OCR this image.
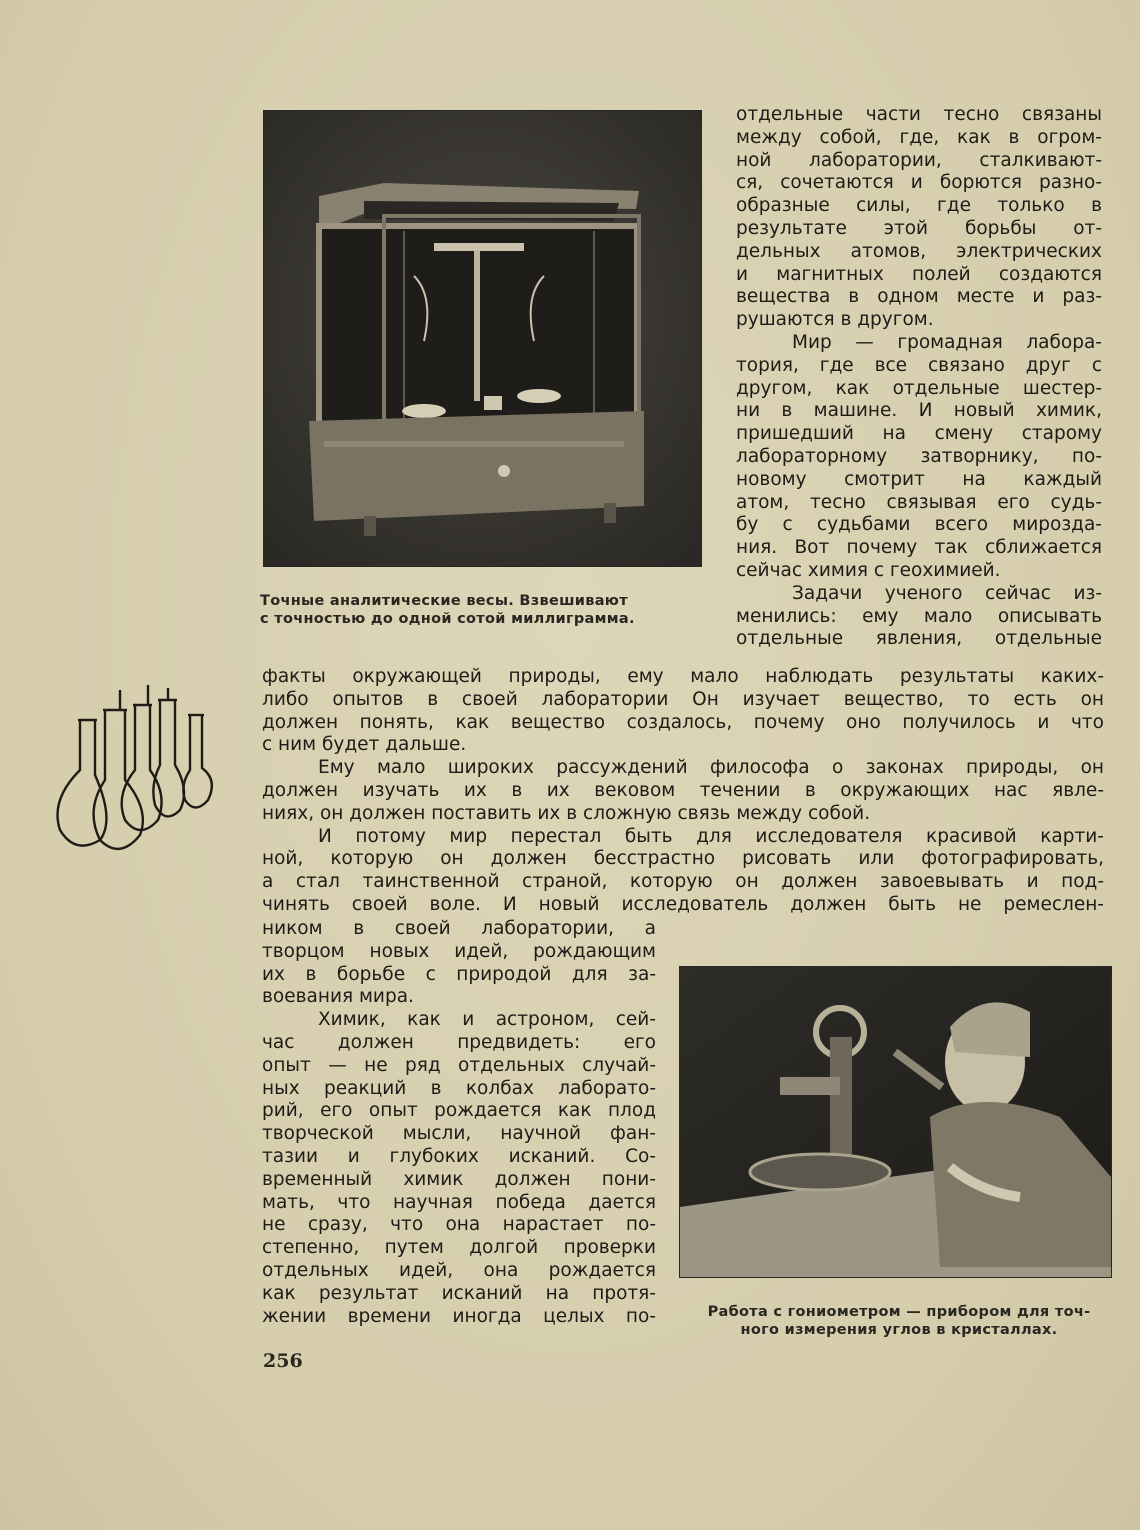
Точные аналитические весы. Взвешивают
с точностью до одной сотой миллиграмма.
отдельные части тесно связаны
между собой, где, как в огром-
ной лаборатории, сталкивают-
ся, сочетаются и борются разно-
образные силы, где только в
результате этой борьбы от-
дельных атомов, электрических
и магнитных полей создаются
вещества в одном месте и раз-
рушаются в другом.
Мир — громадная лабора-
тория, где все связано друг с
другом, как отдельные шестер-
ни в машине. И новый химик,
пришедший на смену старому
лабораторному затворнику, по-
новому смотрит на каждый
атом, тесно связывая его судь-
бу с судьбами всего мирозда-
ния. Вот почему так сближается
сейчас химия с геохимией.
Задачи ученого сейчас из-
менились: ему мало описывать
отдельные явления, отдельные
факты окружающей природы, ему мало наблюдать результаты каких-
либо опытов в своей лаборатории Он изучает вещество, то есть он
должен понять, как вещество создалось, почему оно получилось и что
с ним будет дальше.
Ему мало широких рассуждений философа о законах природы, он
должен изучать их в их вековом течении в окружающих нас явле-
ниях, он должен поставить их в сложную связь между собой.
И потому мир перестал быть для исследователя красивой карти-
ной, которую он должен бесстрастно рисовать или фотографировать,
а стал таинственной страной, которую он должен завоевывать и под-
чинять своей воле. И новый исследователь должен быть не ремеслен-
ником в своей лаборатории, а
творцом новых идей, рождающим
их в борьбе с природой для за-
воевания мира.
Химик, как и астроном, сей-
час должен предвидеть: его
опыт — не ряд отдельных случай-
ных реакций в колбах лаборато-
рий, его опыт рождается как плод
творческой мысли, научной фан-
тазии и глубоких исканий. Со-
временный химик должен пони-
мать, что научная победа дается
не сразу, что она нарастает по-
степенно, путем долгой проверки
отдельных идей, она рождается
как результат исканий на протя-
жении времени иногда целых по-	Работа с гониометром — прибором для точ-
ного измерения углов в кристаллах.
256
